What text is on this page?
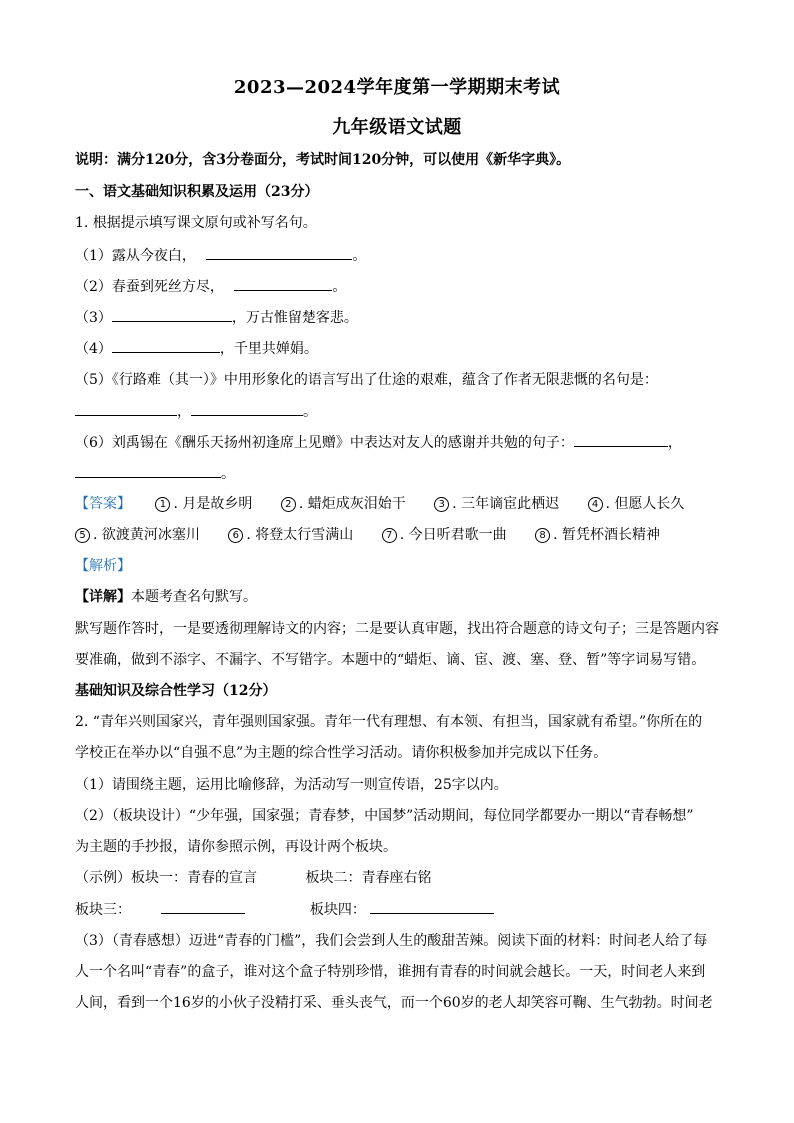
2023—2024学年度第一学期期末考试
九年级语文试题
说明：满分120分，含3分卷面分，考试时间120分钟，可以使用《新华字典》。
一、语文基础知识积累及运用（23分）
1. 根据提示填写课文原句或补写名句。
（1）露从今夜白，	。
（2）春蚕到死丝方尽，	。
（3）	，万古惟留楚客悲。
（4）	，千里共婵娟。
（5）《行路难（其一）》中用形象化的语言写出了仕途的艰难，蕴含了作者无限悲慨的名句是：
，	。
（6）刘禹锡在《酬乐天扬州初逢席上见赠》中表达对友人的感谢并共勉的句子：	，
。
【答案】	1 . 月是故乡明	2 . 蜡炬成灰泪始干	3 . 三年谪宦此栖迟	4 . 但愿人长久
5 . 欲渡黄河冰塞川	6 . 将登太行雪满山	7 . 今日听君歌一曲	8 . 暂凭杯酒长精神
【解析】
【详解】本题考查名句默写。
默写题作答时，一是要透彻理解诗文的内容；二是要认真审题，找出符合题意的诗文句子；三是答题内容
要准确，做到不添字、不漏字、不写错字。本题中的“蜡炬、谪、宦、渡、塞、登、暂”等字词易写错。
基础知识及综合性学习（12分）
2. “青年兴则国家兴，青年强则国家强。青年一代有理想、有本领、有担当，国家就有希望。”你所在的
学校正在举办以“自强不息”为主题的综合性学习活动。请你积极参加并完成以下任务。
（1）请围绕主题，运用比喻修辞，为活动写一则宣传语，25字以内。
（2）（板块设计）“少年强，国家强；青春梦，中国梦”活动期间，每位同学都要办一期以“青春畅想”
为主题的手抄报，请你参照示例，再设计两个板块。
（示例）板块一：青春的宣言	板块二：青春座右铭
板块三：	板块四：
（3）（青春感想）迈进“青春的门槛”，我们会尝到人生的酸甜苦辣。阅读下面的材料：时间老人给了每
人一个名叫“青春”的盒子，谁对这个盒子特别珍惜，谁拥有青春的时间就会越长。一天，时间老人来到
人间，看到一个16岁的小伙子没精打采、垂头丧气，而一个60岁的老人却笑容可鞠、生气勃勃。时间老
